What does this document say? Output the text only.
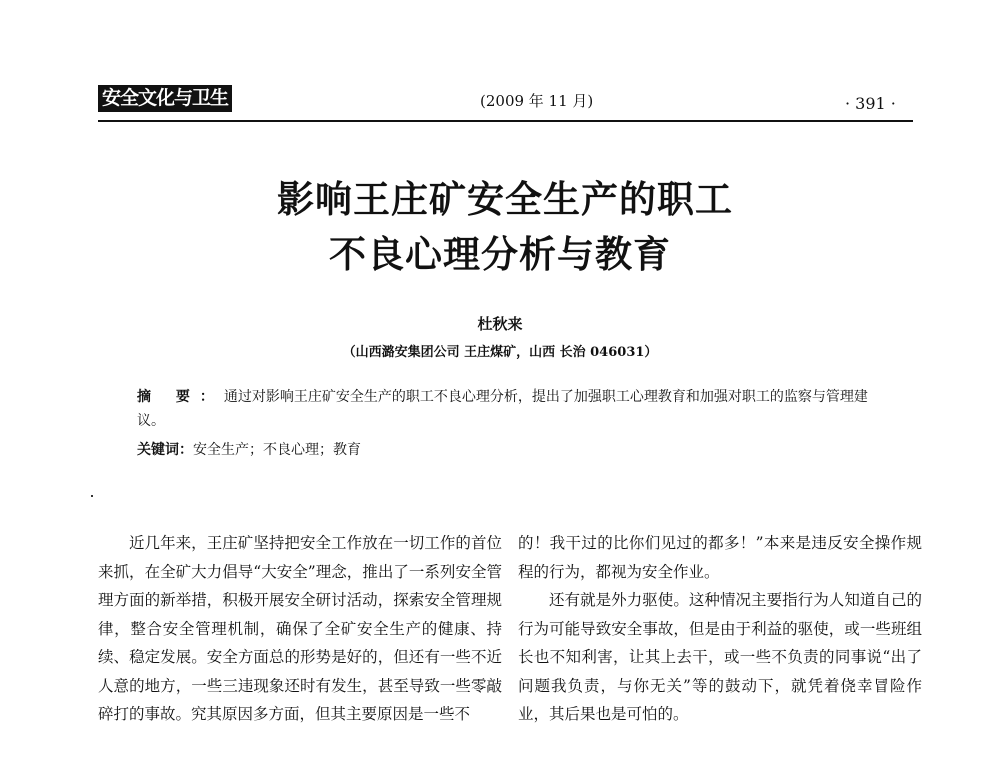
安全文化与卫生	(2009 年 11 月)	· 391 ·
影响王庄矿安全生产的职工
不良心理分析与教育
杜秋来
（山西潞安集团公司 王庄煤矿，山西 长治 046031）

摘 要：通过对影响王庄矿安全生产的职工不良心理分析，提出了加强职工心理教育和加强对职工的监察与管理建议。

关键词：安全生产；不良心理；教育

近几年来，王庄矿坚持把安全工作放在一切工作的首位来抓，在全矿大力倡导“大安全”理念，推出了一系列安全管理方面的新举措，积极开展安全研讨活动，探索安全管理规律，整合安全管理机制，确保了全矿安全生产的健康、持续、稳定发展。安全方面总的形势是好的，但还有一些不近人意的地方，一些三违现象还时有发生，甚至导致一些零敲碎打的事故。究其原因多方面，但其主要原因是一些不

的！我干过的比你们见过的都多！”本来是违反安全操作规程的行为，都视为安全作业。

还有就是外力驱使。这种情况主要指行为人知道自己的行为可能导致安全事故，但是由于利益的驱使，或一些班组长也不知利害，让其上去干，或一些不负责的同事说“出了问题我负责，与你无关”等的鼓动下，就凭着侥幸冒险作业，其后果也是可怕的。
